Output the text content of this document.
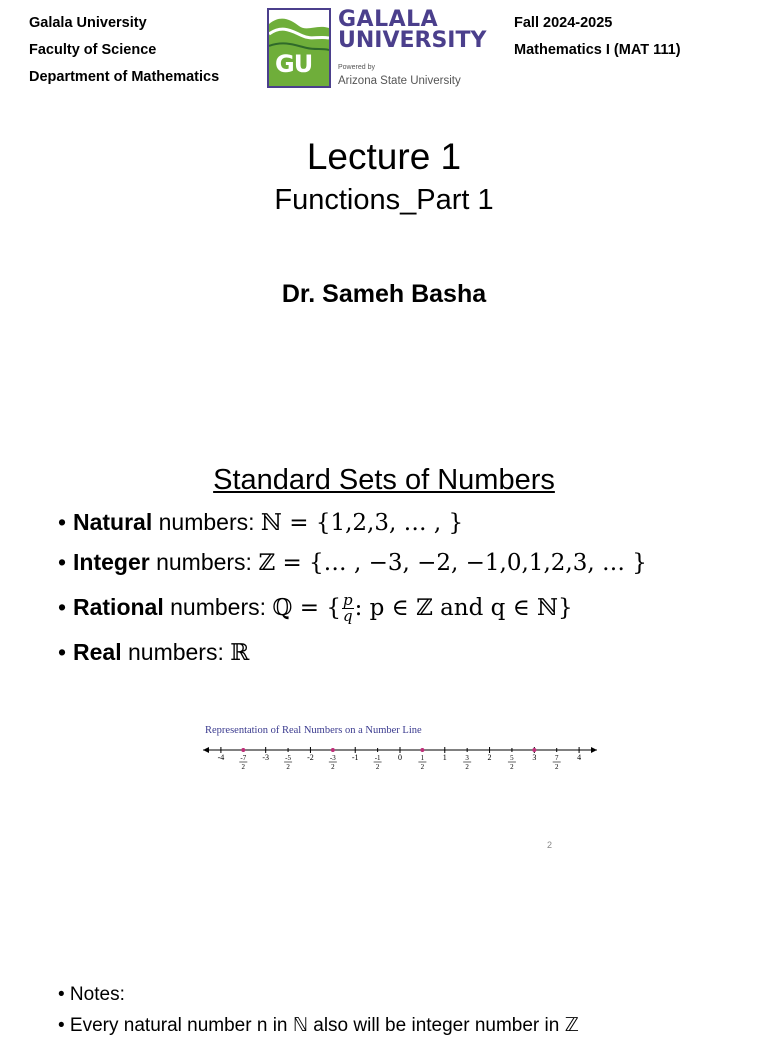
Galala University
Faculty of Science
Department of Mathematics
Fall 2024-2025
Mathematics I (MAT 111)
GU
GALALA
UNIVERSITY
Powered by
Arizona State University
Lecture 1
Functions_Part 1
Dr. Sameh Basha
Standard Sets of Numbers
• Natural numbers: ℕ = {1,2,3, … , }
• Integer numbers: ℤ = {… , −3, −2, −1,0,1,2,3, … }
• Rational numbers: ℚ = { $\frac{p}{q}$ : p ∈ ℤ and q ∈ ℕ}
• Real numbers: ℝ
Representation of Real Numbers on a Number Line
-4	-3	-2	-1	0	1	2	3	4
-7
2
-5
2
-3
2
-1
2
1
2
3
2
5
2
7
2
2
• Notes:
• Every natural number n in ℕ also will be integer number in ℤ
